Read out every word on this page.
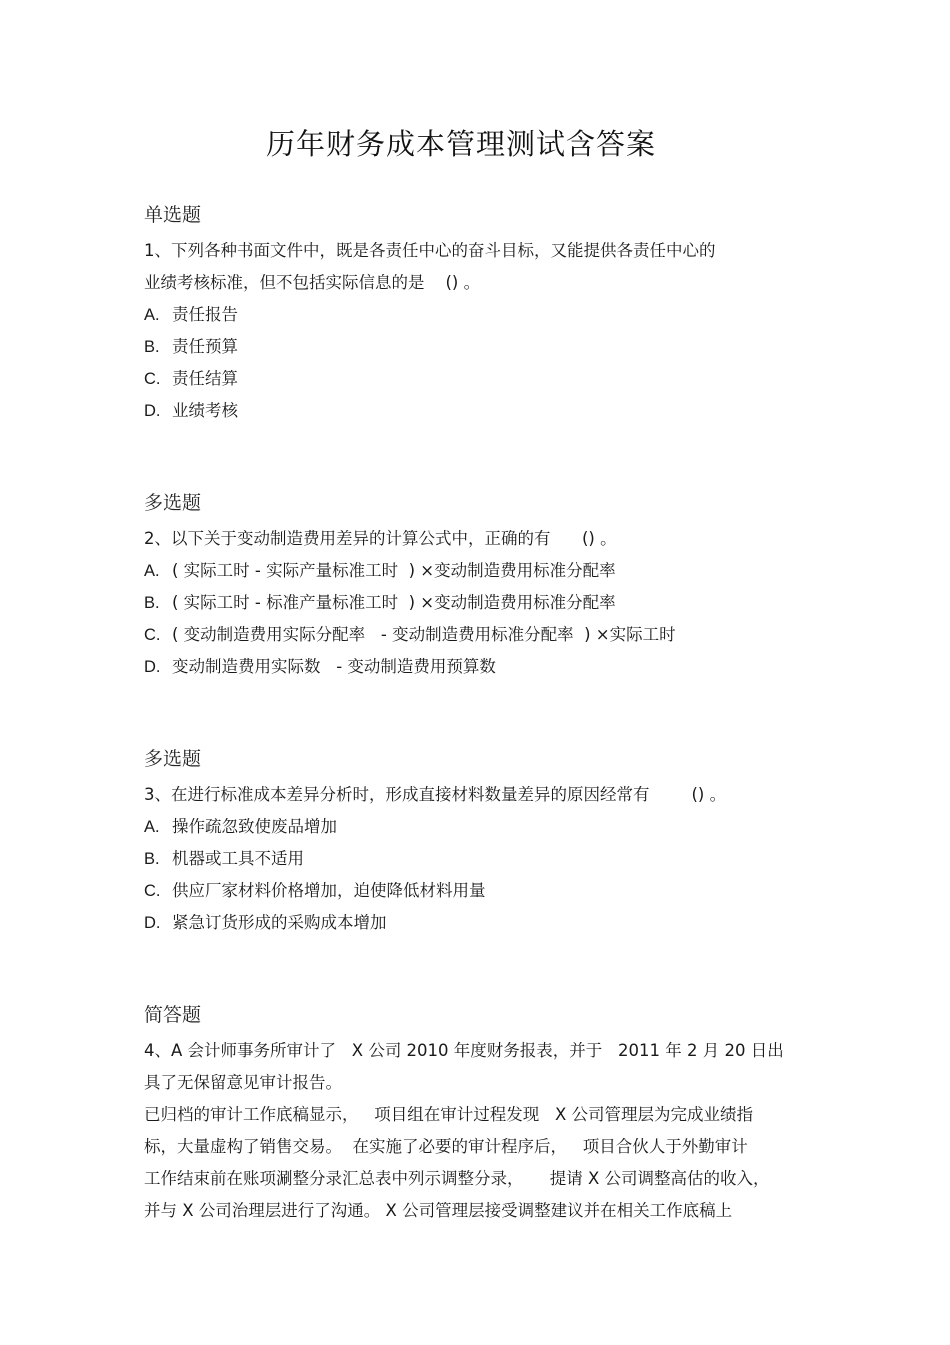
历年财务成本管理测试含答案
单选题
1、下列各种书面文件中，既是各责任中心的奋斗目标，又能提供各责任中心的
业绩考核标准，但不包括实际信息的是    () 。
A. 责任报告
B. 责任预算
C. 责任结算
D. 业绩考核
多选题
2、以下关于变动制造费用差异的计算公式中，正确的有      () 。
A. ( 实际工时 - 实际产量标准工时  ) ×变动制造费用标准分配率
B. ( 实际工时 - 标准产量标准工时  ) ×变动制造费用标准分配率
C. ( 变动制造费用实际分配率   - 变动制造费用标准分配率  ) ×实际工时
D. 变动制造费用实际数   - 变动制造费用预算数
多选题
3、在进行标准成本差异分析时，形成直接材料数量差异的原因经常有        () 。
A. 操作疏忽致使废品增加
B. 机器或工具不适用
C. 供应厂家材料价格增加，迫使降低材料用量
D. 紧急订货形成的采购成本增加
简答题

4、A 会计师事务所审计了   X 公司 2010 年度财务报表，并于   2011 年 2 月 20 日出

具了无保留意见审计报告。

已归档的审计工作底稿显示，   项目组在审计过程发现   X 公司管理层为完成业绩指

标，大量虚构了销售交易。  在实施了必要的审计程序后，   项目合伙人于外勤审计

工作结束前在账项涮整分录汇总表中列示调整分录，     提请 X 公司调整高估的收入，

并与 X 公司治理层进行了沟通。 X 公司管理层接受调整建议并在相关工作底稿上
